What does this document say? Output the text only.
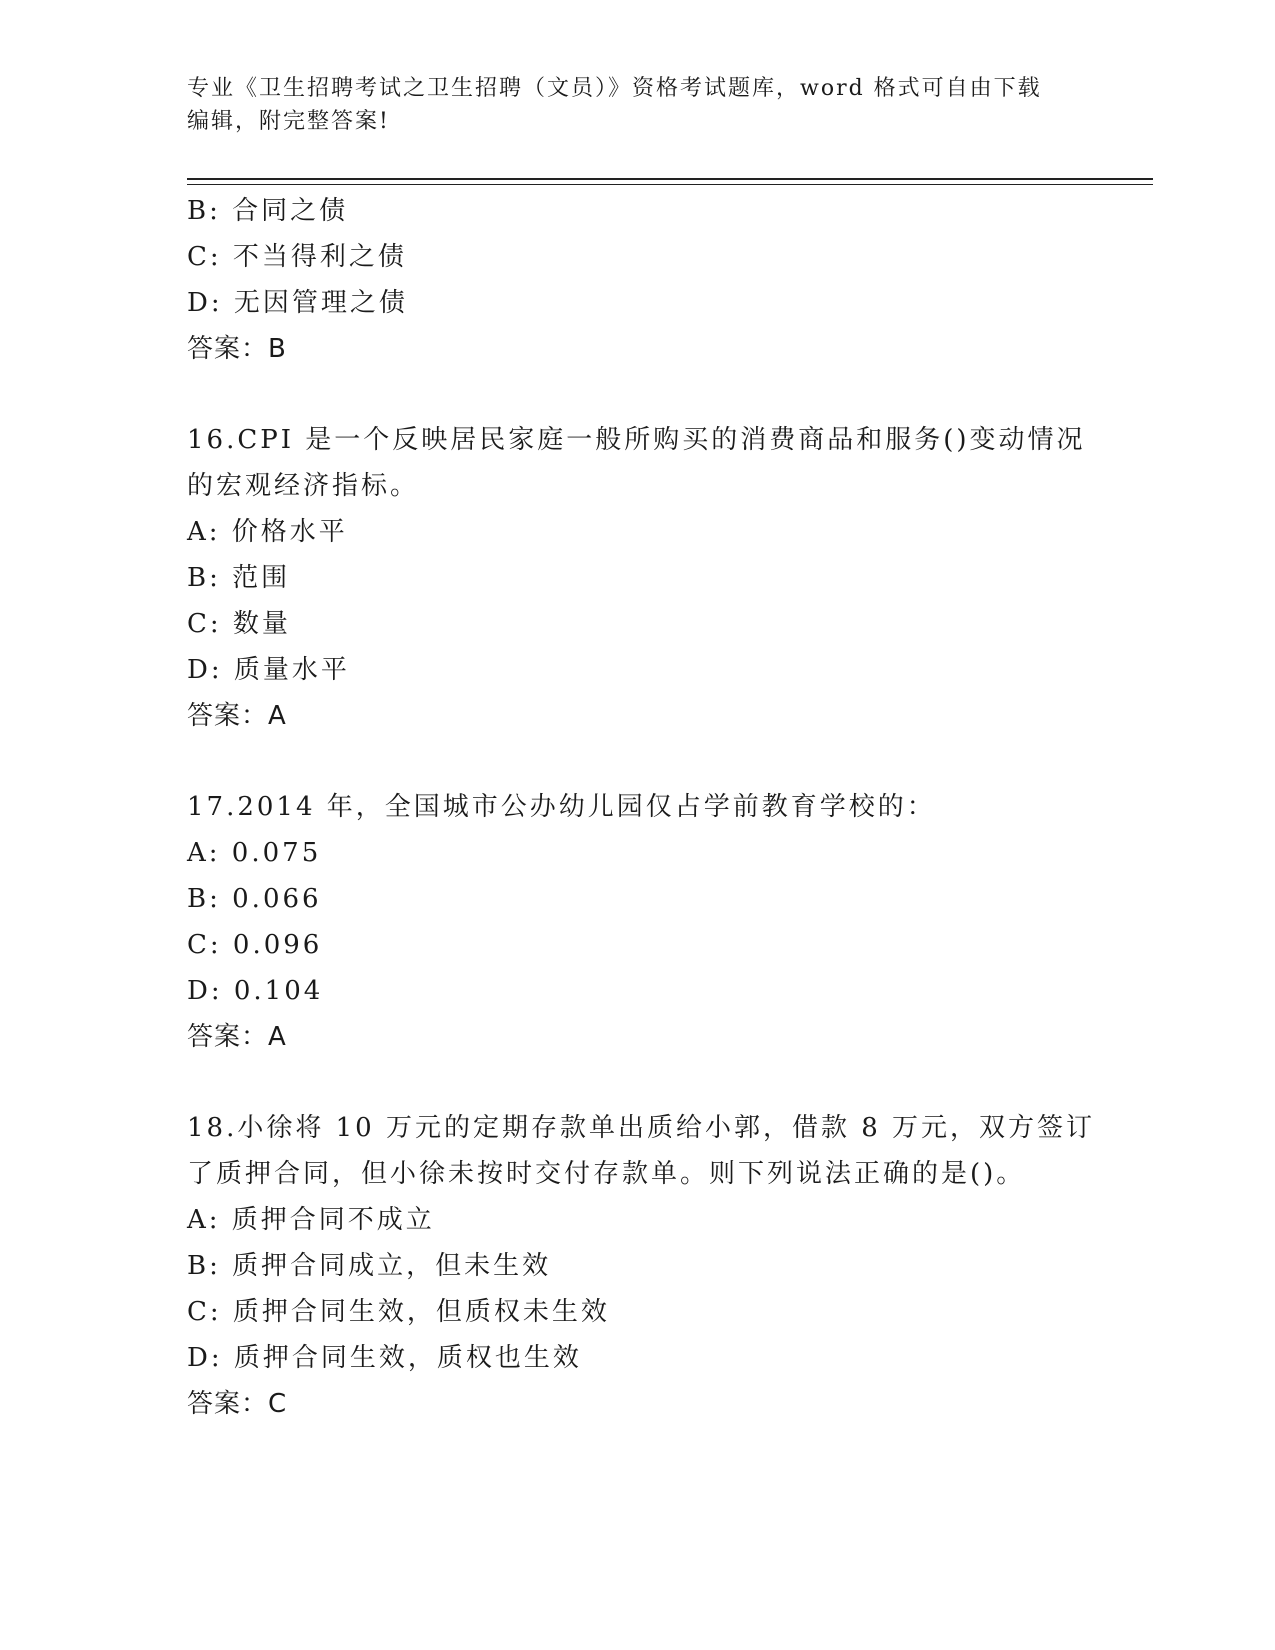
专业《卫生招聘考试之卫生招聘（文员）》资格考试题库，word 格式可自由下载
编辑，附完整答案!
B: 合同之债
C: 不当得利之债
D: 无因管理之债
答案：B
16.CPI 是一个反映居民家庭一般所购买的消费商品和服务()变动情况
的宏观经济指标。
A: 价格水平
B: 范围
C: 数量
D: 质量水平
答案：A
17.2014 年，全国城市公办幼儿园仅占学前教育学校的：
A: 0.075
B: 0.066
C: 0.096
D: 0.104
答案：A
18.小徐将 10 万元的定期存款单出质给小郭，借款 8 万元，双方签订
了质押合同，但小徐未按时交付存款单。则下列说法正确的是()。
A: 质押合同不成立
B: 质押合同成立，但未生效
C: 质押合同生效，但质权未生效
D: 质押合同生效，质权也生效
答案：C
